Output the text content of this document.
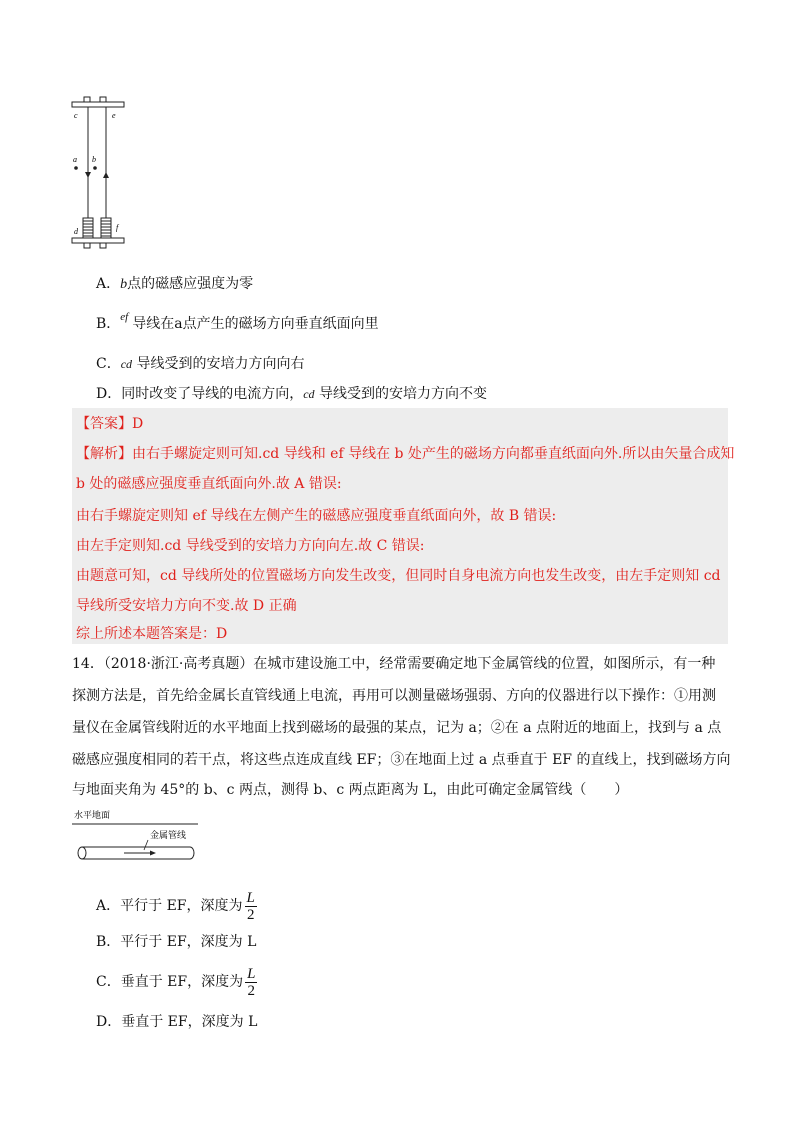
c	e
a b
d	f
A．b点的磁感应强度为零
B．$^{ef}$ 导线在a点产生的磁场方向垂直纸面向里
C．cd 导线受到的安培力方向向右
D．同时改变了导线的电流方向，cd 导线受到的安培力方向不变
【答案】D
【解析】由右手螺旋定则可知.cd 导线和 ef 导线在 b 处产生的磁场方向都垂直纸面向外.所以由矢量合成知
b 处的磁感应强度垂直纸面向外.故 A 错误:
由右手螺旋定则知 ef 导线在左侧产生的磁感应强度垂直纸面向外，故 B 错误:
由左手定则知.cd 导线受到的安培力方向向左.故 C 错误:
由题意可知，cd 导线所处的位置磁场方向发生改变，但同时自身电流方向也发生改变，由左手定则知 cd
导线所受安培力方向不变.故 D 正确
综上所述本题答案是：D
14．（2018·浙江·高考真题）在城市建设施工中，经常需要确定地下金属管线的位置，如图所示，有一种
探测方法是，首先给金属长直管线通上电流，再用可以测量磁场强弱、方向的仪器进行以下操作：①用测
量仪在金属管线附近的水平地面上找到磁场的最强的某点，记为 a；②在 a 点附近的地面上，找到与 a 点
磁感应强度相同的若干点，将这些点连成直线 EF；③在地面上过 a 点垂直于 EF 的直线上，找到磁场方向
与地面夹角为 45°的 b、c 两点，测得 b、c 两点距离为 L，由此可确定金属管线（　　）
水平地面
金属管线
A．平行于 EF，深度为 $\frac{L}{2}$
B．平行于 EF，深度为 L
C．垂直于 EF，深度为 $\frac{L}{2}$
D．垂直于 EF，深度为 L
